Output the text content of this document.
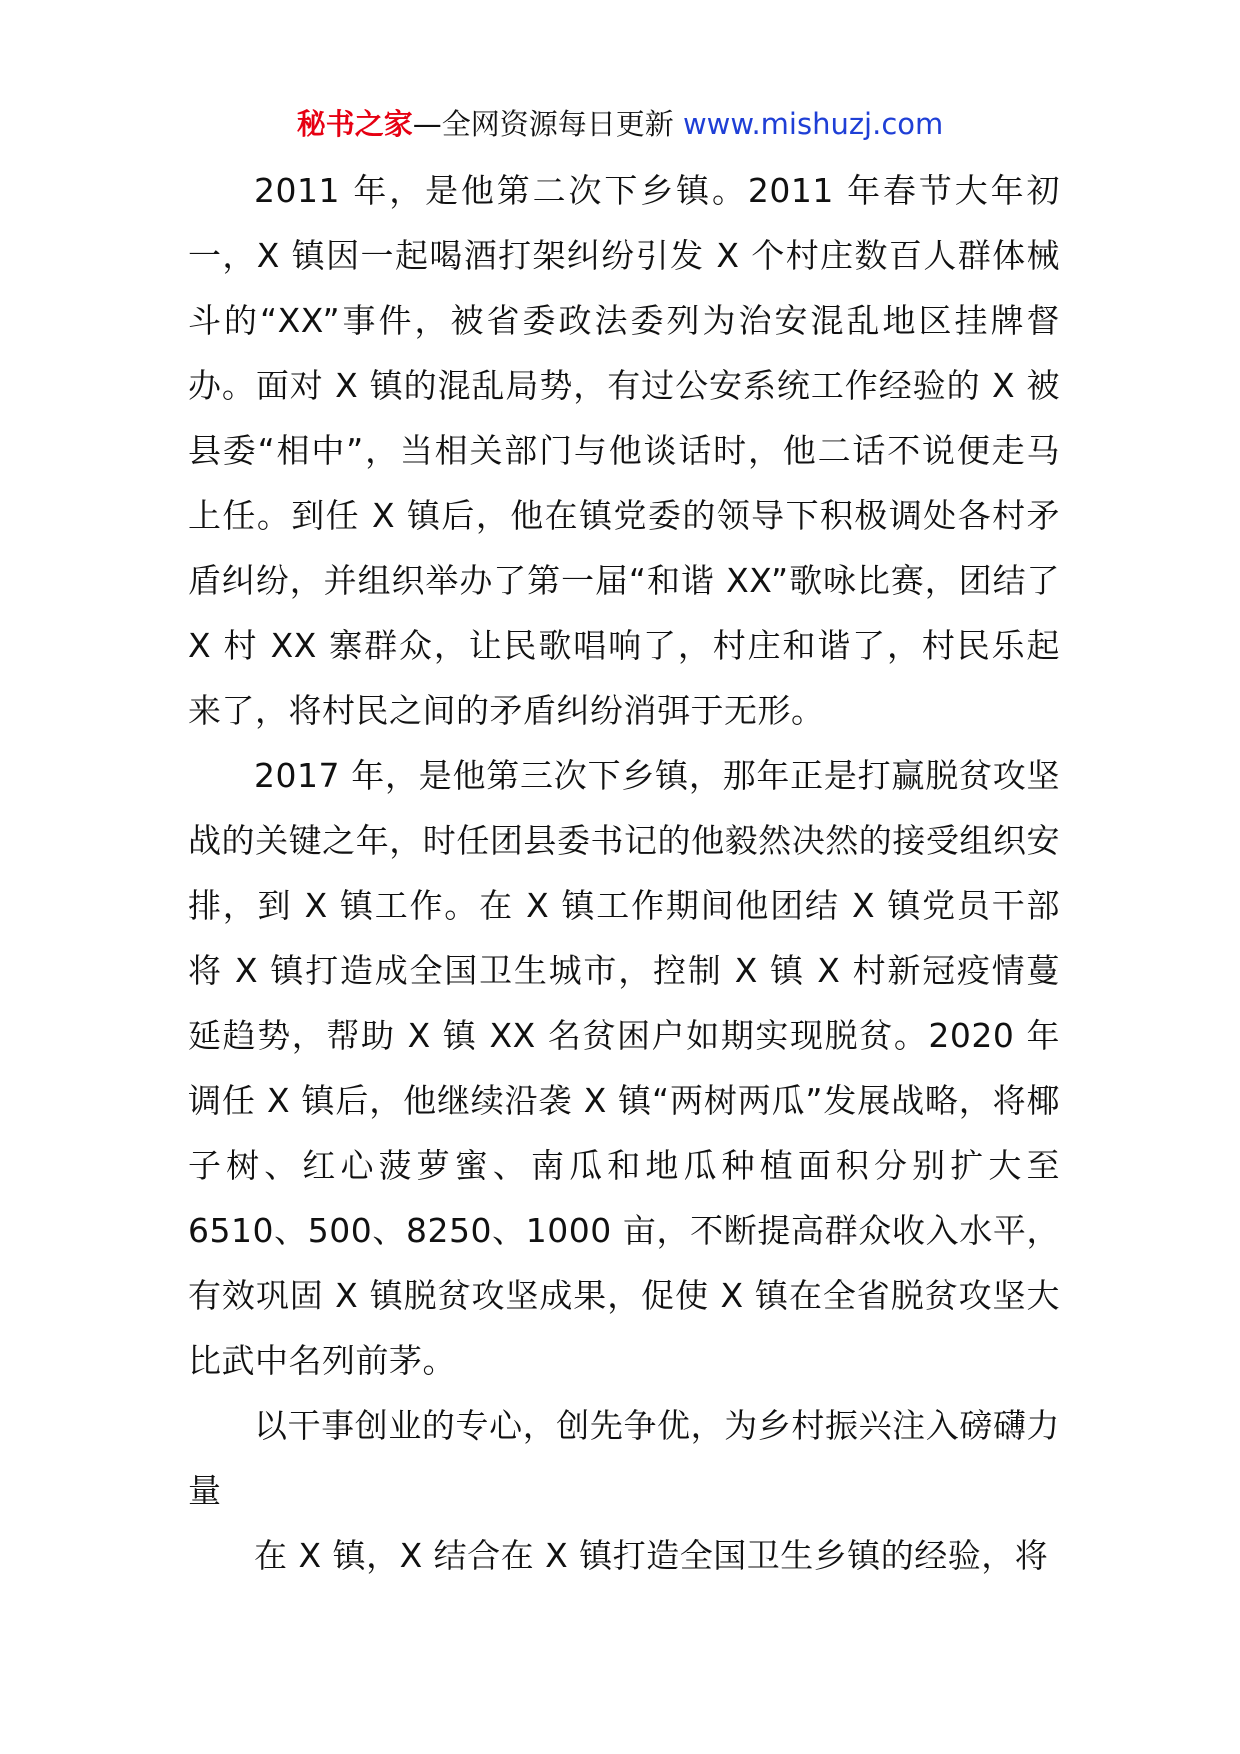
秘书之家—全网资源每日更新 www.mishuzj.com

2011 年，是他第二次下乡镇。2011 年春节大年初一，X 镇因一起喝酒打架纠纷引发 X 个村庄数百人群体械斗的“XX”事件，被省委政法委列为治安混乱地区挂牌督办。面对 X 镇的混乱局势，有过公安系统工作经验的 X 被县委“相中”，当相关部门与他谈话时，他二话不说便走马上任。到任 X 镇后，他在镇党委的领导下积极调处各村矛盾纠纷，并组织举办了第一届“和谐 XX”歌咏比赛，团结了 X 村 XX 寨群众，让民歌唱响了，村庄和谐了，村民乐起来了，将村民之间的矛盾纠纷消弭于无形。

2017 年，是他第三次下乡镇，那年正是打赢脱贫攻坚战的关键之年，时任团县委书记的他毅然决然的接受组织安排，到 X 镇工作。在 X 镇工作期间他团结 X 镇党员干部将 X 镇打造成全国卫生城市，控制 X 镇 X 村新冠疫情蔓延趋势，帮助 X 镇 XX 名贫困户如期实现脱贫。2020 年调任 X 镇后，他继续沿袭 X 镇“两树两瓜”发展战略，将椰子树、红心菠萝蜜、南瓜和地瓜种植面积分别扩大至 6510、500、8250、1000 亩，不断提高群众收入水平，有效巩固 X 镇脱贫攻坚成果，促使 X 镇在全省脱贫攻坚大比武中名列前茅。

以干事创业的专心，创先争优，为乡村振兴注入磅礴力量

在 X 镇，X 结合在 X 镇打造全国卫生乡镇的经验，将
